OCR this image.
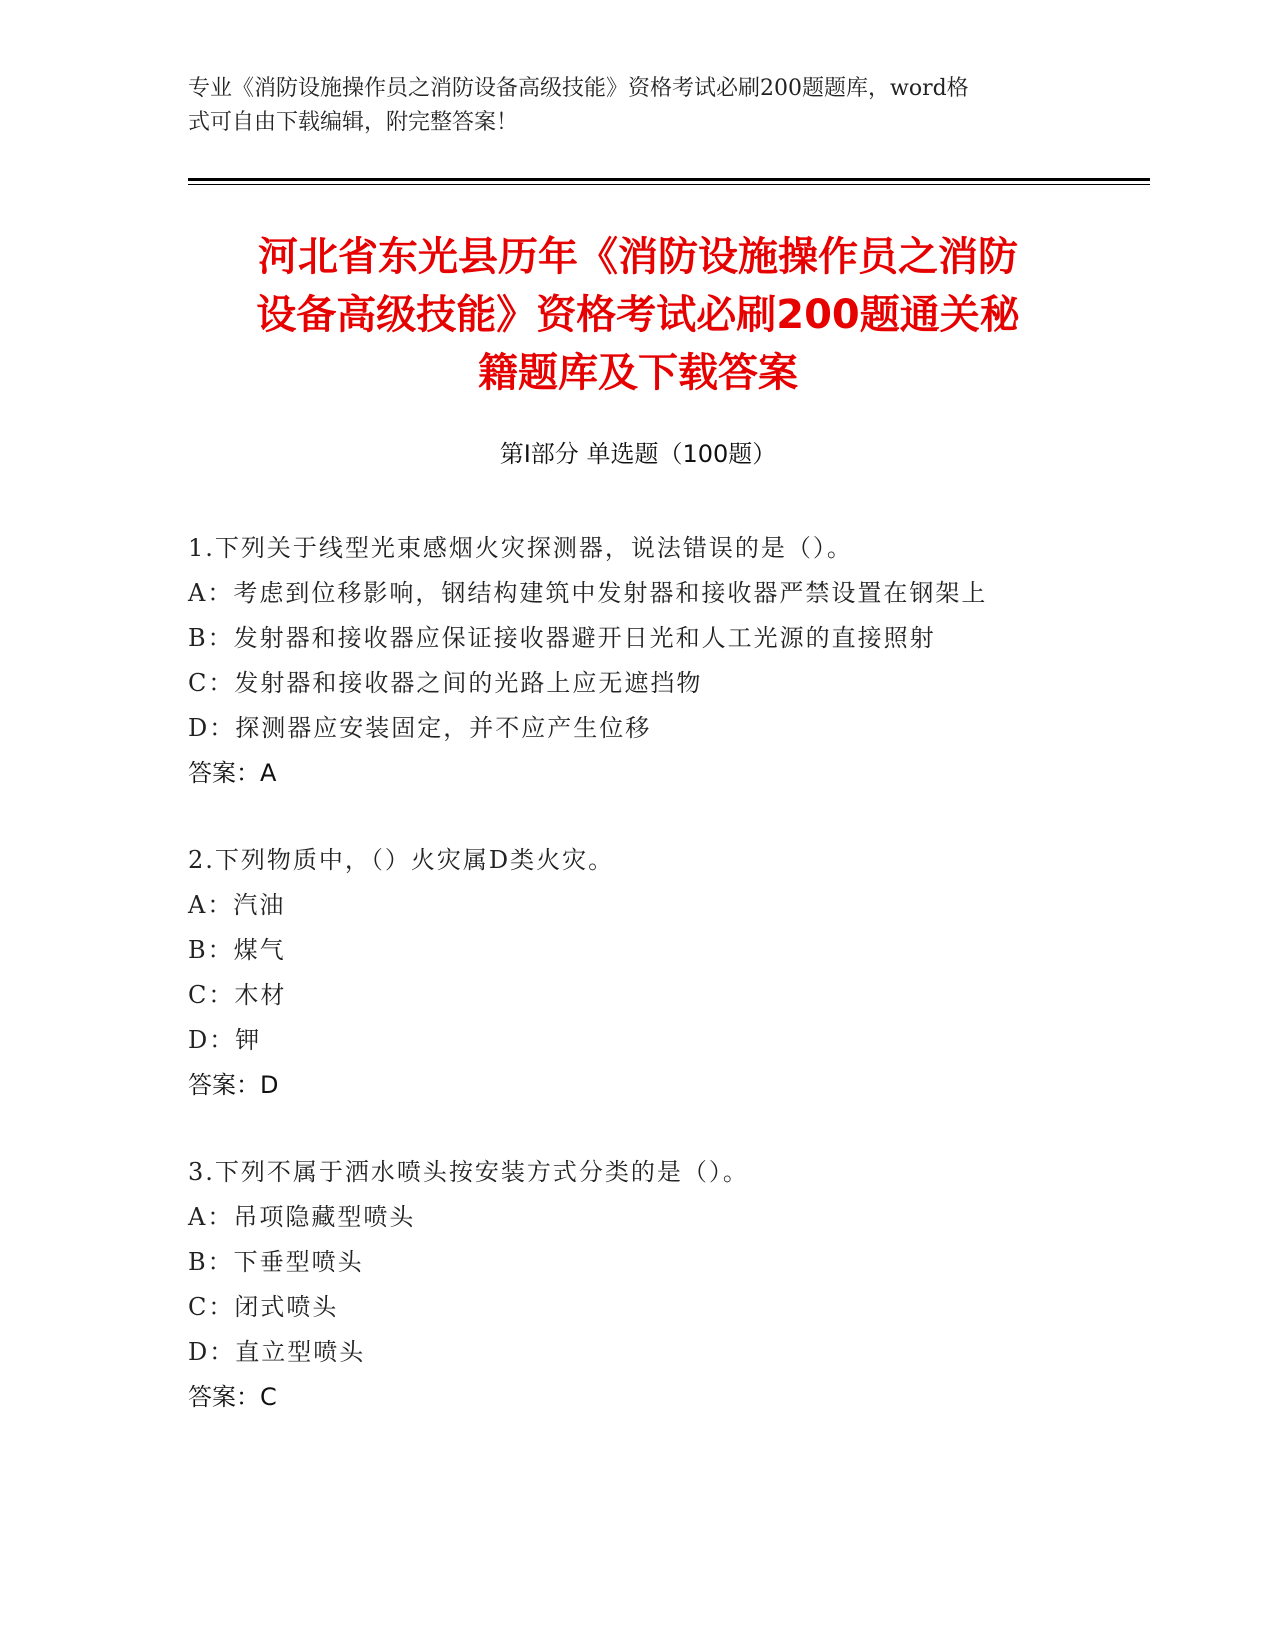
专业《消防设施操作员之消防设备高级技能》资格考试必刷200题题库，word格
式可自由下载编辑，附完整答案！
河北省东光县历年《消防设施操作员之消防
设备高级技能》资格考试必刷200题通关秘
籍题库及下载答案
第Ⅰ部分 单选题（100题）
1.下列关于线型光束感烟火灾探测器，说法错误的是（）。
A：考虑到位移影响，钢结构建筑中发射器和接收器严禁设置在钢架上
B：发射器和接收器应保证接收器避开日光和人工光源的直接照射
C：发射器和接收器之间的光路上应无遮挡物
D：探测器应安装固定，并不应产生位移
答案：A
2.下列物质中，（）火灾属D类火灾。
A：汽油
B：煤气
C：木材
D：钾
答案：D
3.下列不属于洒水喷头按安装方式分类的是（）。
A：吊项隐藏型喷头
B：下垂型喷头
C：闭式喷头
D：直立型喷头
答案：C
